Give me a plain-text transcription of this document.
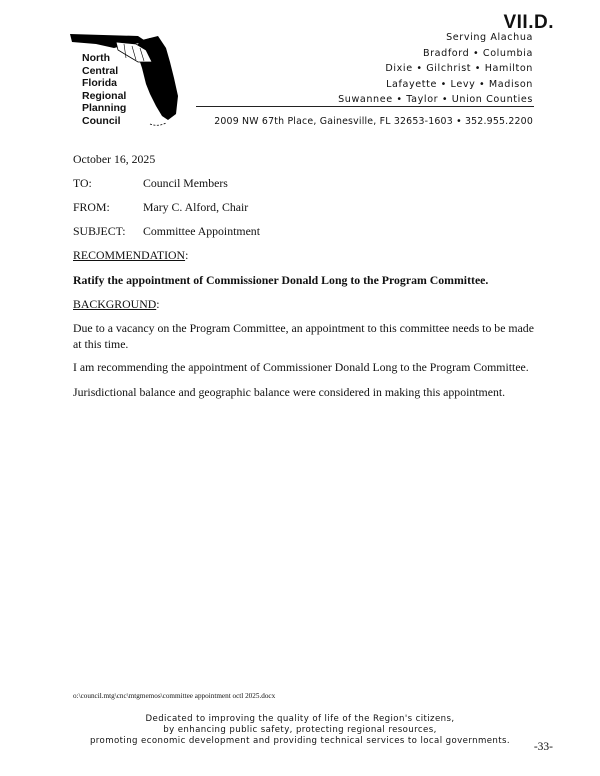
VII.D.
North
Central
Florida
Regional
Planning
Council
Serving Alachua
Bradford • Columbia
Dixie • Gilchrist • Hamilton
Lafayette • Levy • Madison
Suwannee • Taylor • Union Counties
2009 NW 67th Place, Gainesville, FL 32653-1603 • 352.955.2200
October 16, 2025
TO:	Council Members
FROM:	Mary C. Alford, Chair
SUBJECT: Committee Appointment
RECOMMENDATION:
Ratify the appointment of Commissioner Donald Long to the Program Committee.
BACKGROUND:
Due to a vacancy on the Program Committee, an appointment to this committee needs to be made at this time.
I am recommending the appointment of Commissioner Donald Long to the Program Committee.
Jurisdictional balance and geographic balance were considered in making this appointment.
o:\council.mtg\cnc\mtgmemos\committee appointment octl 2025.docx
Dedicated to improving the quality of life of the Region's citizens,
by enhancing public safety, protecting regional resources,
promoting economic development and providing technical services to local governments.	-33-
